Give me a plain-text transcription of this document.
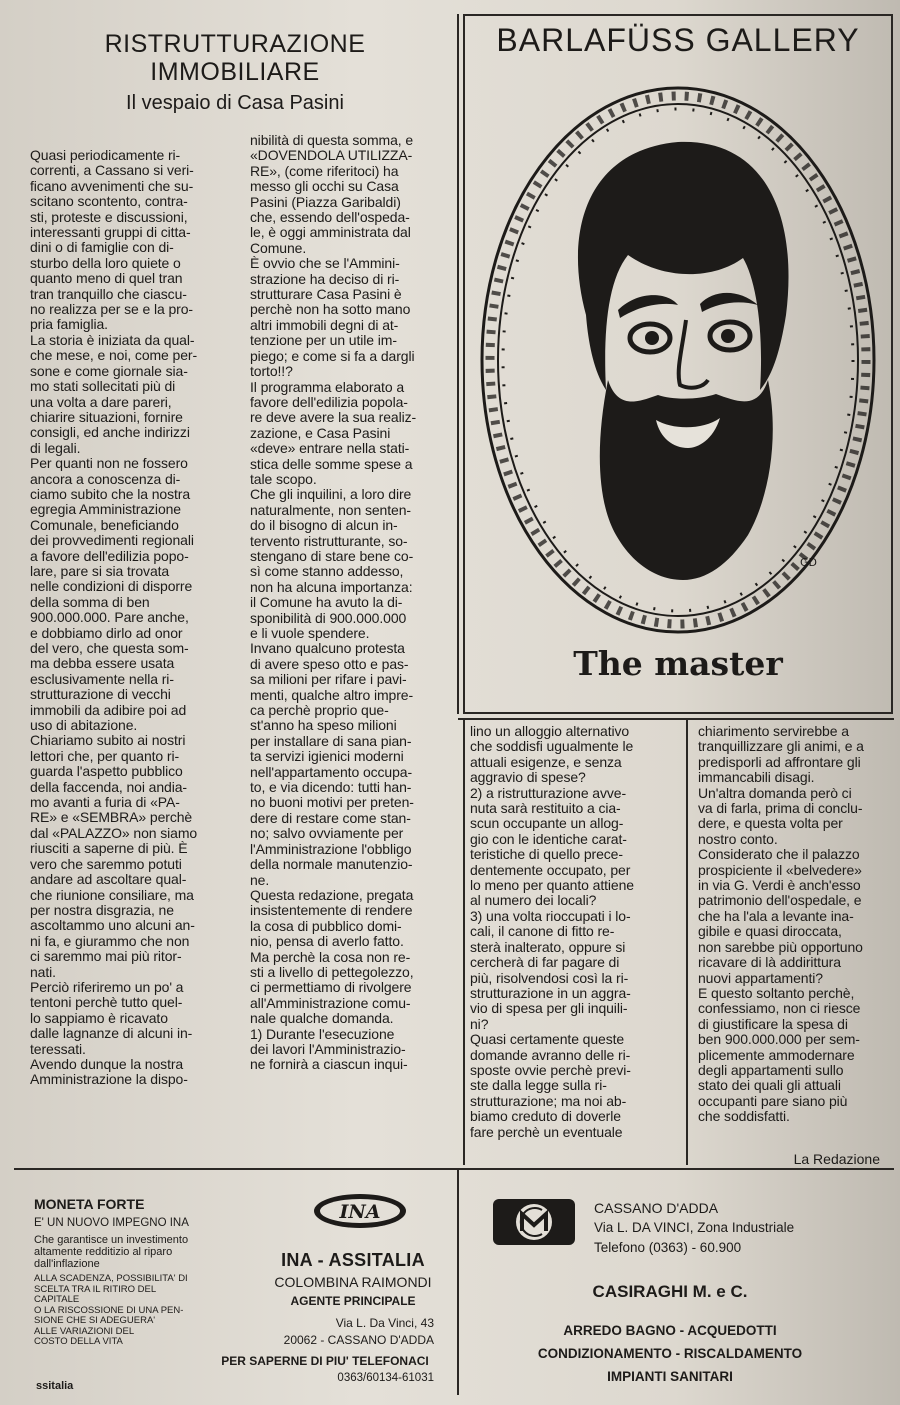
RISTRUTTURAZIONE
IMMOBILIARE
Il vespaio di Casa Pasini
Quasi periodicamente ri-
correnti, a Cassano si veri-
ficano avvenimenti che su-
scitano scontento, contra-
sti, proteste e discussioni,
interessanti gruppi di citta-
dini o di famiglie con di-
sturbo della loro quiete o
quanto meno di quel tran
tran tranquillo che ciascu-
no realizza per se e la pro-
pria famiglia.
La storia è iniziata da qual-
che mese, e noi, come per-
sone e come giornale sia-
mo stati sollecitati più di
una volta a dare pareri,
chiarire situazioni, fornire
consigli, ed anche indirizzi
di legali.
Per quanti non ne fossero
ancora a conoscenza di-
ciamo subito che la nostra
egregia Amministrazione
Comunale, beneficiando
dei provvedimenti regionali
a favore dell'edilizia popo-
lare, pare si sia trovata
nelle condizioni di disporre
della somma di ben
900.000.000. Pare anche,
e dobbiamo dirlo ad onor
del vero, che questa som-
ma debba essere usata
esclusivamente nella ri-
strutturazione di vecchi
immobili da adibire poi ad
uso di abitazione.
Chiariamo subito ai nostri
lettori che, per quanto ri-
guarda l'aspetto pubblico
della faccenda, noi andia-
mo avanti a furia di «PA-
RE» e «SEMBRA» perchè
dal «PALAZZO» non siamo
riusciti a saperne di più. È
vero che saremmo potuti
andare ad ascoltare qual-
che riunione consiliare, ma
per nostra disgrazia, ne
ascoltammo uno alcuni an-
ni fa, e giurammo che non
ci saremmo mai più ritor-
nati.
Perciò riferiremo un po' a
tentoni perchè tutto quel-
lo sappiamo è ricavato
dalle lagnanze di alcuni in-
teressati.
Avendo dunque la nostra
Amministrazione la dispo-
nibilità di questa somma, e
«DOVENDOLA UTILIZZA-
RE», (come riferitoci) ha
messo gli occhi su Casa
Pasini (Piazza Garibaldi)
che, essendo dell'ospeda-
le, è oggi amministrata dal
Comune.
È ovvio che se l'Ammini-
strazione ha deciso di ri-
strutturare Casa Pasini è
perchè non ha sotto mano
altri immobili degni di at-
tenzione per un utile im-
piego; e come si fa a dargli
torto!!?
Il programma elaborato a
favore dell'edilizia popola-
re deve avere la sua realiz-
zazione, e Casa Pasini
«deve» entrare nella stati-
stica delle somme spese a
tale scopo.
Che gli inquilini, a loro dire
naturalmente, non senten-
do il bisogno di alcun in-
tervento ristrutturante, so-
stengano di stare bene co-
sì come stanno addesso,
non ha alcuna importanza:
il Comune ha avuto la di-
sponibilità di 900.000.000
e li vuole spendere.
Invano qualcuno protesta
di avere speso otto e pas-
sa milioni per rifare i pavi-
menti, qualche altro impre-
ca perchè proprio que-
st'anno ha speso milioni
per installare di sana pian-
ta servizi igienici moderni
nell'appartamento occupa-
to, e via dicendo: tutti han-
no buoni motivi per preten-
dere di restare come stan-
no; salvo ovviamente per
l'Amministrazione l'obbligo
della normale manutenzio-
ne.
Questa redazione, pregata
insistentemente di rendere
la cosa di pubblico domi-
nio, pensa di averlo fatto.
Ma perchè la cosa non re-
sti a livello di pettegolezzo,
ci permettiamo di rivolgere
all'Amministrazione comu-
nale qualche domanda.
1) Durante l'esecuzione
dei lavori l'Amministrazio-
ne fornirà a ciascun inqui-
lino un alloggio alternativo
che soddisfi ugualmente le
attuali esigenze, e senza
aggravio di spese?
2) a ristrutturazione avve-
nuta sarà restituito a cia-
scun occupante un allog-
gio con le identiche carat-
teristiche di quello prece-
dentemente occupato, per
lo meno per quanto attiene
al numero dei locali?
3) una volta rioccupati i lo-
cali, il canone di fitto re-
sterà inalterato, oppure si
cercherà di far pagare di
più, risolvendosi così la ri-
strutturazione in un aggra-
vio di spesa per gli inquili-
ni?
Quasi certamente queste
domande avranno delle ri-
sposte ovvie perchè previ-
ste dalla legge sulla ri-
strutturazione; ma noi ab-
biamo creduto di doverle
fare perchè un eventuale
chiarimento servirebbe a
tranquillizzare gli animi, e a
predisporli ad affrontare gli
immancabili disagi.
Un'altra domanda però ci
va di farla, prima di conclu-
dere, e questa volta per
nostro conto.
Considerato che il palazzo
prospiciente il «belvedere»
in via G. Verdi è anch'esso
patrimonio dell'ospedale, e
che ha l'ala a levante ina-
gibile e quasi diroccata,
non sarebbe più opportuno
ricavare di là addirittura
nuovi appartamenti?
E questo soltanto perchè,
confessiamo, non ci riesce
di giustificare la spesa di
ben 900.000.000 per sem-
plicemente ammodernare
degli appartamenti sullo
stato dei quali gli attuali
occupanti pare siano più
che soddisfatti.
La Redazione
BARLAFÜSS GALLERY
GD
The master
MONETA FORTE
E' UN NUOVO IMPEGNO INA
Che garantisce un investimento
altamente redditizio al riparo
dall'inflazione
ALLA SCADENZA, POSSIBILITA' DI
SCELTA TRA IL RITIRO DEL
CAPITALE
O LA RISCOSSIONE DI UNA PEN-
SIONE CHE SI ADEGUERA'
ALLE VARIAZIONI DEL
COSTO DELLA VITA
INA
INA - ASSITALIA
COLOMBINA RAIMONDI
AGENTE PRINCIPALE
Via L. Da Vinci, 43
20062 - CASSANO D'ADDA
PER SAPERNE DI PIU' TELEFONACI
0363/60134-61031
ssitalia
CASSANO D'ADDA
Via L. DA VINCI, Zona Industriale
Telefono (0363) - 60.900
CASIRAGHI M. e C.
ARREDO BAGNO - ACQUEDOTTI
CONDIZIONAMENTO - RISCALDAMENTO
IMPIANTI SANITARI
